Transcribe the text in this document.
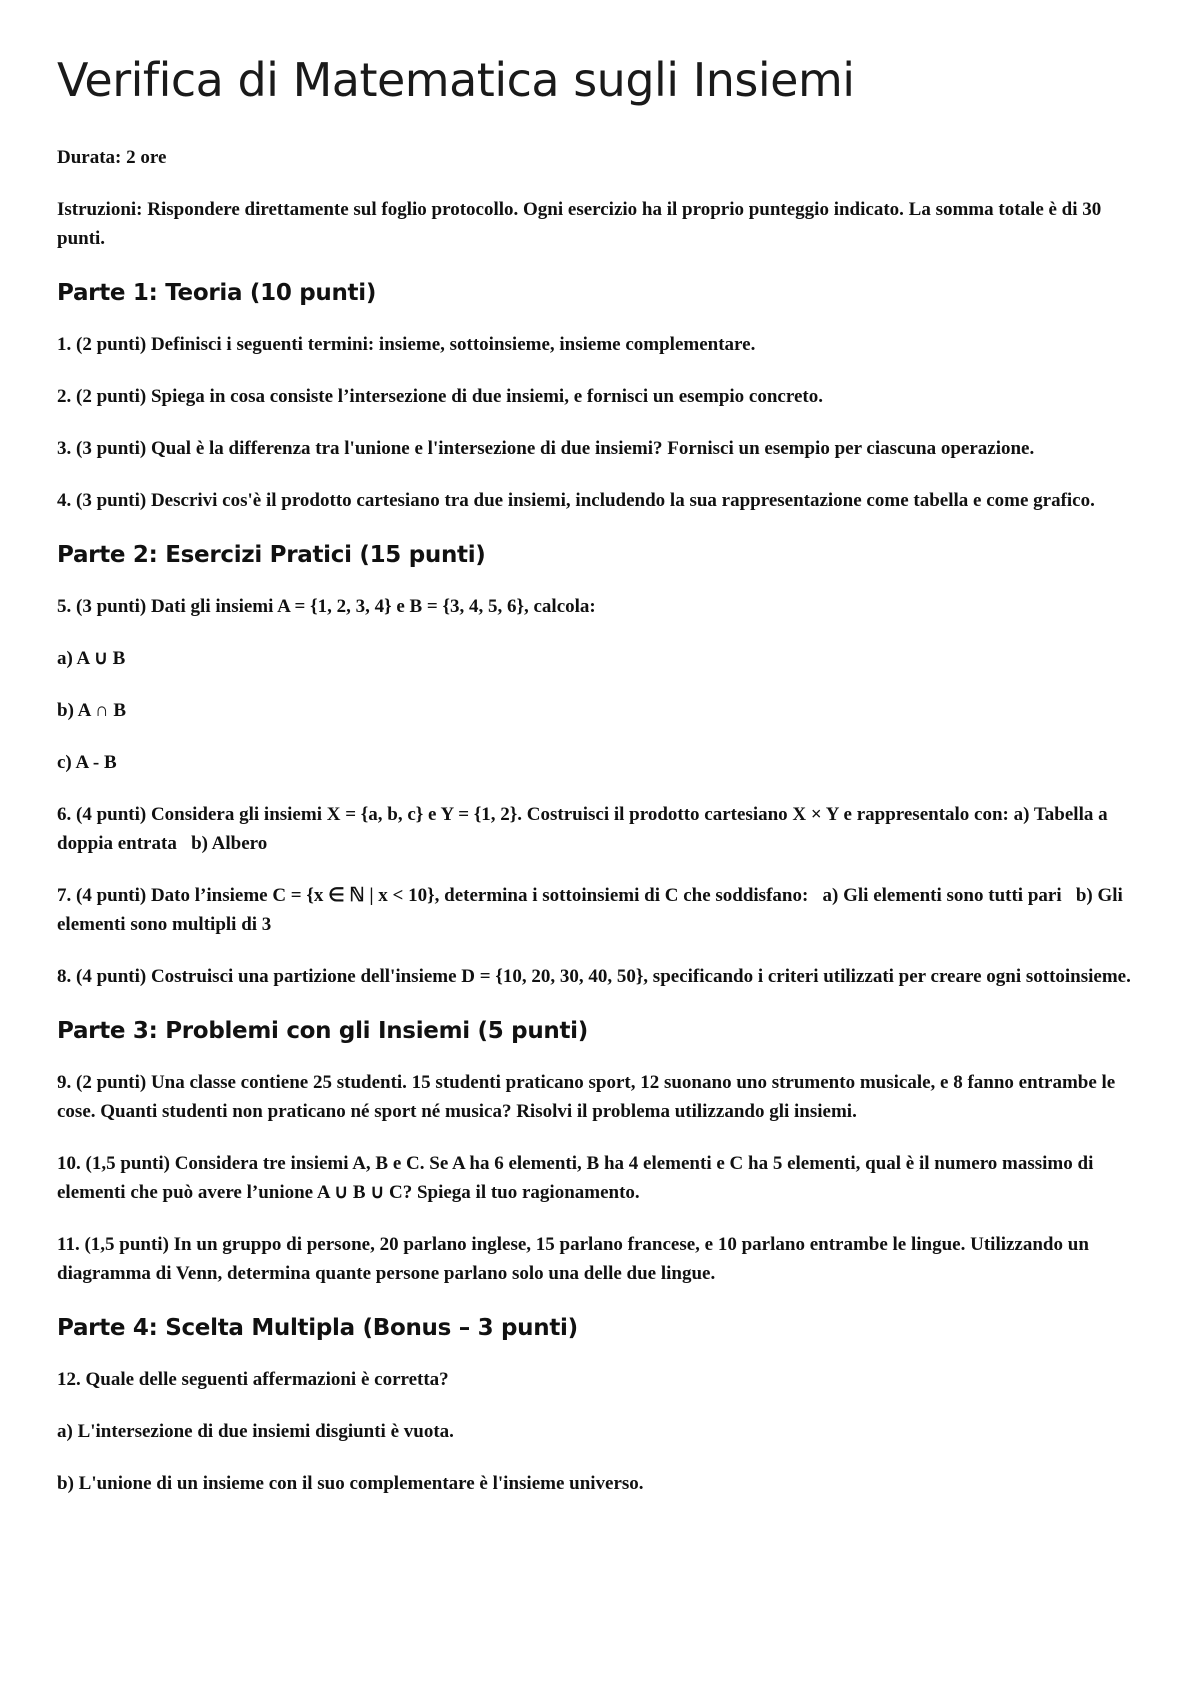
Verifica di Matematica sugli Insiemi

Durata: 2 ore

Istruzioni: Rispondere direttamente sul foglio protocollo. Ogni esercizio ha il proprio punteggio indicato. La somma totale è di 30 punti.

Parte 1: Teoria (10 punti)

1. (2 punti) Definisci i seguenti termini: insieme, sottoinsieme, insieme complementare.

2. (2 punti) Spiega in cosa consiste l’intersezione di due insiemi, e fornisci un esempio concreto.

3. (3 punti) Qual è la differenza tra l'unione e l'intersezione di due insiemi? Fornisci un esempio per ciascuna operazione.

4. (3 punti) Descrivi cos'è il prodotto cartesiano tra due insiemi, includendo la sua rappresentazione come tabella e come grafico.

Parte 2: Esercizi Pratici (15 punti)

5. (3 punti) Dati gli insiemi A = {1, 2, 3, 4} e B = {3, 4, 5, 6}, calcola:

a) A ∪ B

b) A ∩ B

c) A - B

6. (4 punti) Considera gli insiemi X = {a, b, c} e Y = {1, 2}. Costruisci il prodotto cartesiano X × Y e rappresentalo con: a) Tabella a doppia entrata   b) Albero

7. (4 punti) Dato l’insieme C = {x ∈ ℕ | x < 10}, determina i sottoinsiemi di C che soddisfano:   a) Gli elementi sono tutti pari   b) Gli elementi sono multipli di 3

8. (4 punti) Costruisci una partizione dell'insieme D = {10, 20, 30, 40, 50}, specificando i criteri utilizzati per creare ogni sottoinsieme.

Parte 3: Problemi con gli Insiemi (5 punti)

9. (2 punti) Una classe contiene 25 studenti. 15 studenti praticano sport, 12 suonano uno strumento musicale, e 8 fanno entrambe le cose. Quanti studenti non praticano né sport né musica? Risolvi il problema utilizzando gli insiemi.

10. (1,5 punti) Considera tre insiemi A, B e C. Se A ha 6 elementi, B ha 4 elementi e C ha 5 elementi, qual è il numero massimo di elementi che può avere l’unione A ∪ B ∪ C? Spiega il tuo ragionamento.

11. (1,5 punti) In un gruppo di persone, 20 parlano inglese, 15 parlano francese, e 10 parlano entrambe le lingue. Utilizzando un diagramma di Venn, determina quante persone parlano solo una delle due lingue.

Parte 4: Scelta Multipla (Bonus – 3 punti)

12. Quale delle seguenti affermazioni è corretta?

a) L'intersezione di due insiemi disgiunti è vuota.

b) L'unione di un insieme con il suo complementare è l'insieme universo.
